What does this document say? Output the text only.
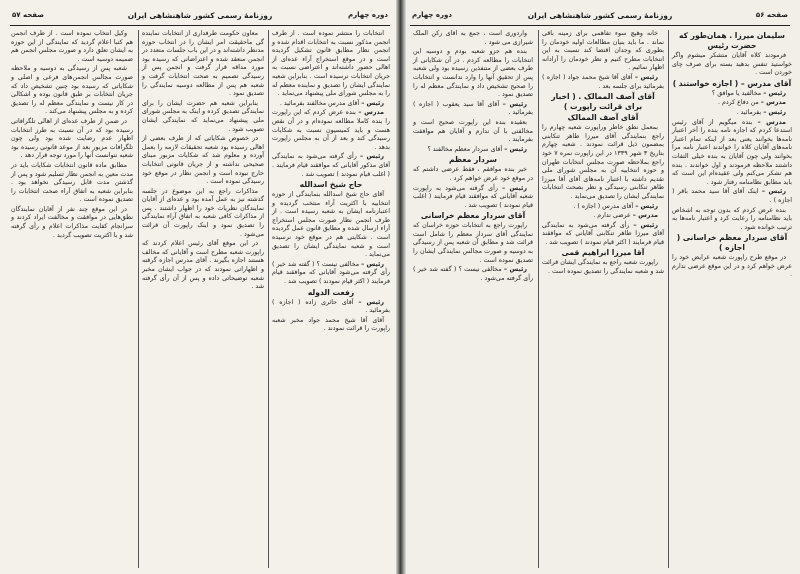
دوره چهارم
روزنامهٔ رسمی کشور شاهنشاهی ایران
صفحه ۵۷

انتخابات را منتشر نموده است . از طرف انجمن مذکور نسبت به انتخابات اقدام شده و انجمن نظار مطابق قانون تشکیل گردیده است و در موقع استخراج آراء عده‌ای از اهالی حضور داشته‌اند و اعتراضی نسبت به جریان انتخابات نرسیده است . بنابراین شعبه نمایندگی ایشان را تصدیق و نماینده معظم له را به مجلس شورای ملی پیشنهاد می‌نماید .

رئیس – آقای مدرس مخالفند بفرمائید .

مدرس – بنده عرض کردم که این راپورت را بنده کاملا مطالعه نموده‌ام و در آن نقص هست و باید کمیسیون نسبت به شکایات رسیدگی کند و بعد از آن به مجلس راپورت بدهد .

رئیس – رأی گرفته می‌شود به نمایندگی آقای مذکور آقایانی که موافقند قیام فرمایند . ( اغلب قیام نمودند ) تصویب شد .

حاج شیخ اسدالله

آقای حاج شیخ اسدالله بنمایندگی از حوزه انتخابیه با اکثریت آراء منتخب گردیده و اعتبارنامه ایشان به شعبه رسیده است . از طرف انجمن نظار صورت مجلس استخراج آراء ارسال شده و مطابق قانون عمل گردیده است . شکایتی هم در موقع خود نرسیده است و شعبه نمایندگی ایشان را تصدیق می‌نماید .

رئیس – مخالفی نیست ؟ ( گفته شد خیر ) رأی گرفته می‌شود آقایانی که موافقند قیام فرمایند ( اکثر قیام نمودند ) تصویب شد .

رفعت الدوله

رئیس – آقای حائری زاده ( اجازه ) بفرمائید .

آقای آقا شیخ محمد جواد مخبر شعبه راپورت را قرائت نمودند .

معاون حکومت طرفداری از انتخابات نماینده گی ماحقیقت امر ایشان را در انتخاب حوزه مدنظر داشته‌اند و در این باب جلسات متعدد در انجمن منعقد شده و اعتراضاتی که رسیده بود مورد مداقه قرار گرفت و انجمن پس از رسیدگی تصمیم به صحت انتخابات گرفت و شعبه هم پس از مطالعه دوسیه نمایندگی را تصدیق نمود .

بنابراین شعبه هم حضرت ایشان را برای نمایندگی تصدیق کرده و اینک به مجلس شورای ملی پیشنهاد می‌نماید که نمایندگی ایشان تصویب شود .

در خصوص شکایاتی که از طرف بعضی از اهالی رسیده بود شعبه تحقیقات لازمه را بعمل آورده و معلوم شد که شکایات مزبور مبنای صحیحی نداشته و از جریان قانونی انتخابات خارج نبوده است و انجمن نظار در موقع خود رسیدگی نموده است .

مذاکرات راجع به این موضوع در جلسه گذشته نیز به عمل آمده بود و عده‌ای از آقایان نمایندگان نظریات خود را اظهار داشتند . پس از مذاکرات کافی شعبه به اتفاق آراء نمایندگی را تصدیق نمود و اینک راپورت آن قرائت می‌شود .

در این موقع آقای رئیس اعلام کردند که راپورت شعبه مطرح است و آقایانی که مخالف هستند اجازه بگیرند . آقای مدرس اجازه گرفته و اظهاراتی نمودند که در جواب ایشان مخبر شعبه توضیحاتی داده و پس از آن رأی گرفته شد .

وکیل انتخاب نموده است . از طرف انجمن هم کتبا اعلام گردید که نمایندگی از این حوزه به ایشان تعلق دارد و صورت مجلس انجمن هم ضمیمه دوسیه است .

شعبه پس از رسیدگی به دوسیه و ملاحظه صورت مجالس انجمن‌های فرعی و اصلی و شکایاتی که رسیده بود چنین تشخیص داد که جریان انتخابات بر طبق قانون بوده و اشکالی در کار نیست و نمایندگی معظم له را تصدیق کرده و به مجلس پیشنهاد می‌کند .

در ضمن از طرف عده‌ای از اهالی تلگرافاتی رسیده بود که در آن نسبت به طرز انتخابات اظهار عدم رضایت شده بود ولی چون تلگرافات مزبور بعد از موعد قانونی رسیده بود شعبه نتوانست آنها را مورد توجه قرار دهد .

مطابق ماده قانون انتخابات شکایات باید در مدت معین به انجمن نظار تسلیم شود و پس از گذشتن مدت قابل رسیدگی نخواهد بود . بنابراین شعبه به اتفاق آراء صحت انتخابات را تصدیق نموده است .

در این موقع چند نفر از آقایان نمایندگان نطق‌هایی در موافقت و مخالفت ایراد کردند و سرانجام کفایت مذاکرات اعلام و رأی گرفته شد و با اکثریت تصویب گردید .

دوره چهارم	روزنامهٔ رسمی کشور شاهنشاهی ایران	صفحه ۵۶

واردوری است ، جمع به آقای رکن الملک شیرازی می شود .

بنده هم جزو شعبه بودم و دوسیه این انتخابات را مطالعه کردم . در آن شکایاتی از طرف بعضی از متنفذین رسیده بود ولی شعبه پس از تحقیق آنها را وارد ندانست و انتخابات را صحیح تشخیص داد و نمایندگی معظم له را تصدیق نمود .

رئیس – آقای آقا سید یعقوب ( اجازه ) بفرمائید .

بعقیده بنده این راپورت صحیح است و مخالفتی با آن ندارم و آقایان هم موافقت بفرمایند .

رئیس – آقای سردار معظم مخالفند ؟

سردار معظم

خیر بنده موافقم ، فقط عرضی داشتم که در موقع خود عرض خواهم کرد .

رئیس – رأی گرفته می‌شود به راپورت شعبه آقایانی که موافقند قیام فرمایند ( اغلب قیام نمودند ) تصویب شد .

آقای سردار معظم خراسانی

راپورت راجع به انتخابات حوزه خراسان که نمایندگی آقای سردار معظم را شامل است قرائت شد و مطابق آن شعبه پس از رسیدگی به دوسیه و صورت مجالس نمایندگی ایشان را تصدیق نموده است .

رئیس – مخالفی نیست ؟ ( گفته شد خیر ) رأی گرفته می‌شود .

خانه وهیچ سوء تفاهمی برای زمینه باقی نماند . ما باید بنیان مطالعات اولیه خودمان را بطوری که وجدان اقتضا کند نسبت به این انتخابات مطرح کنیم و نظر خودمان را آزادانه اظهار نمائیم .

رئیس – آقای آقا شیخ محمد جواد ( اجازه ) بفرمائید برای جلسه بعد .

آقای آصف الممالک . ( اخبار برای قرائت راپورت )
آقای آصف الممالک

بمعمل نطق خاطر وراپورت شعبه چهارم را راجع بنمایندگی آقای میرزا طاهر تنکابنی بمضمون ذیل قرائت نمودند . شعبه چهارم بتاریخ ۳ شهر ۱۳۳۹ در این راپورت نمره ۷ خود راجع بملاحظه صورت مجلس انتخابات طهران و حوزه انتخابیه آن به مجلس شورای ملی تقدیم داشته با اعتبار نامه‌های آقای آقا میرزا طاهر تنکابنی رسیدگی و نظر بصحت انتخابات نمایندگی ایشان را تصدیق می‌نماید .

رئیس – آقای مدرس ( اجازه ) .

مدرس – عرضی ندارم .

رئیس – رأی گرفته می‌شود به نمایندگی آقای میرزا طاهر تنکابنی آقایانی که موافقند قیام فرمایند ( اکثر قیام نمودند ) تصویب شد .

آقا میرزا ابراهیم قمی

راپورت شعبه راجع به نمایندگی ایشان قرائت شد و شعبه نمایندگی را تصدیق نموده است .

سلیمان میرزا . همان‌طور که حضرت رئیس

فرمودند کلاه آقایان متشکر میشوم واگر خواستید تنفس بدهید بسته برای صرف چای خوردن است .

آقای مدرس – ( اجازه خواستند )

رئیس – مخالفید یا موافق ؟

مدرس – من دفاع کردم .

رئیس – بفرمائید .

مدرس – بنده میگویم از آقای رئیس استدعا کردم که اجازه نامه بنده را آخر اعتبار نامه‌ها بخوانند یعنی بعد از اینکه تمام اعتبار نامه‌های آقایان کلاه را خواندند اعتبار نامه مرا بخوانند ولی چون آقایان به بنده خیلی التفات داشتند ملاحظه فرمودند و اول خواندند . بنده هم تشکر می‌کنم ولی عقیده‌ام این است که باید مطابق نظامنامه رفتار شود .

رئیس – اینک آقای آقا سید محمد باقر ( اجازه ) .

بنده عرض کردم که بدون توجه به اشخاص باید نظامنامه را رعایت کرد و اعتبار نامه‌ها به ترتیب خوانده شود .

آقای سردار معظم خراسانی ( اجازه )

در موقع طرح راپورت شعبه عرایض خود را عرض خواهم کرد و در این موقع عرضی ندارم .
